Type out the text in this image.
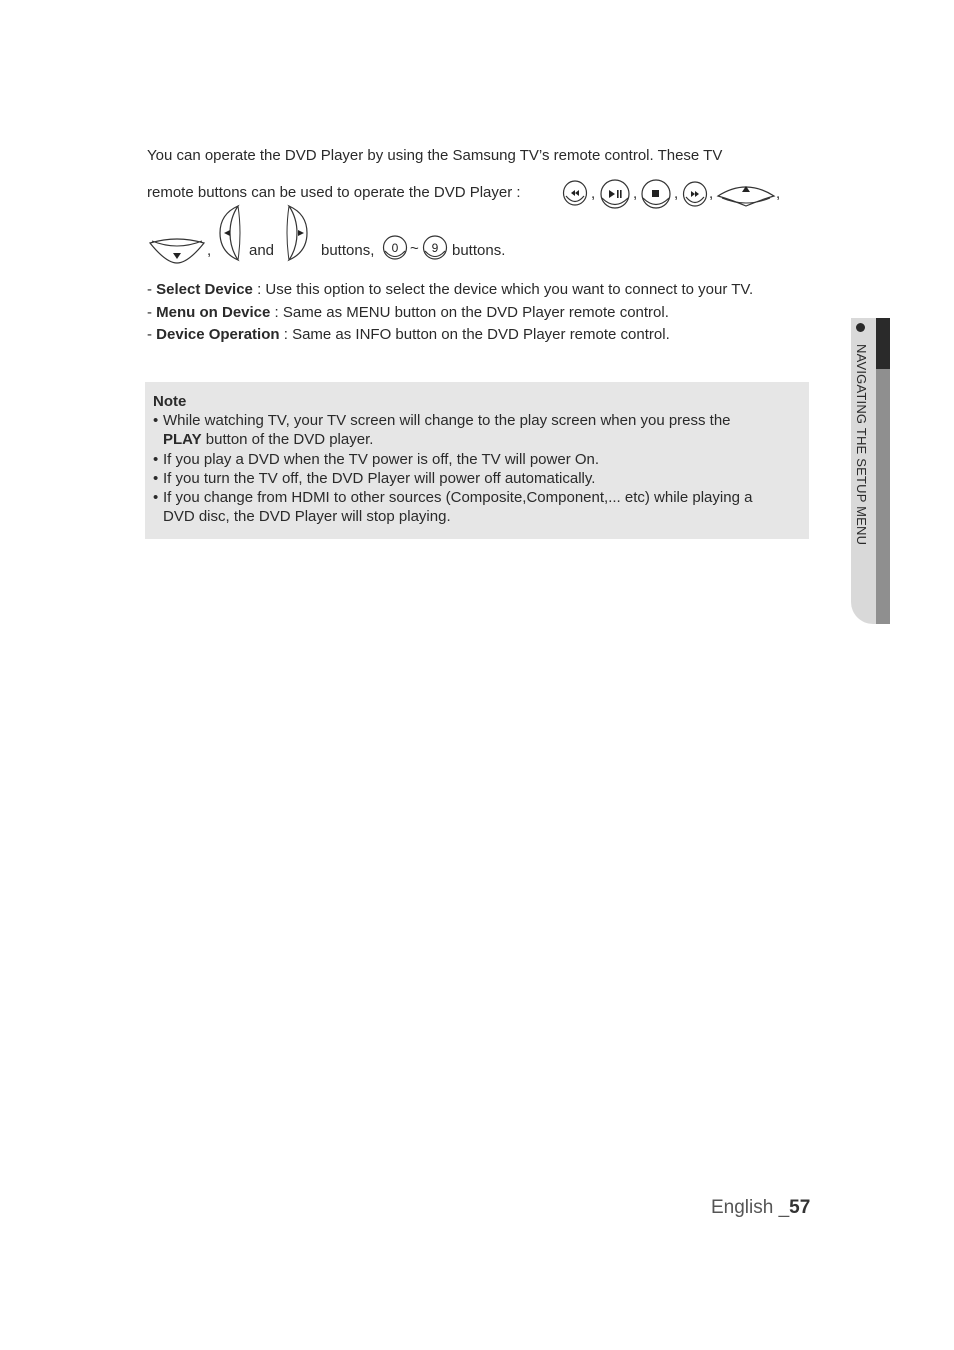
You can operate the DVD Player by using the Samsung TV’s remote control. These TV
remote buttons can be used to operate the DVD Player :	,	, , ,	,
,	and	buttons, 0 ~ 9 buttons.
- Select Device : Use this option to select the device which you want to connect to your TV.
- Menu on Device : Same as MENU button on the DVD Player remote control.
- Device Operation : Same as INFO button on the DVD Player remote control.
Note
• While watching TV, your TV screen will change to the play screen when you press the
PLAY button of the DVD player.
• If you play a DVD when the TV power is off, the TV will power On.
• If you turn the TV off, the DVD Player will power off automatically.
• If you change from HDMI to other sources (Composite,Component,... etc) while playing a
DVD disc, the DVD Player will stop playing.	NAVIGATING THE SETUP MENU
English _57
